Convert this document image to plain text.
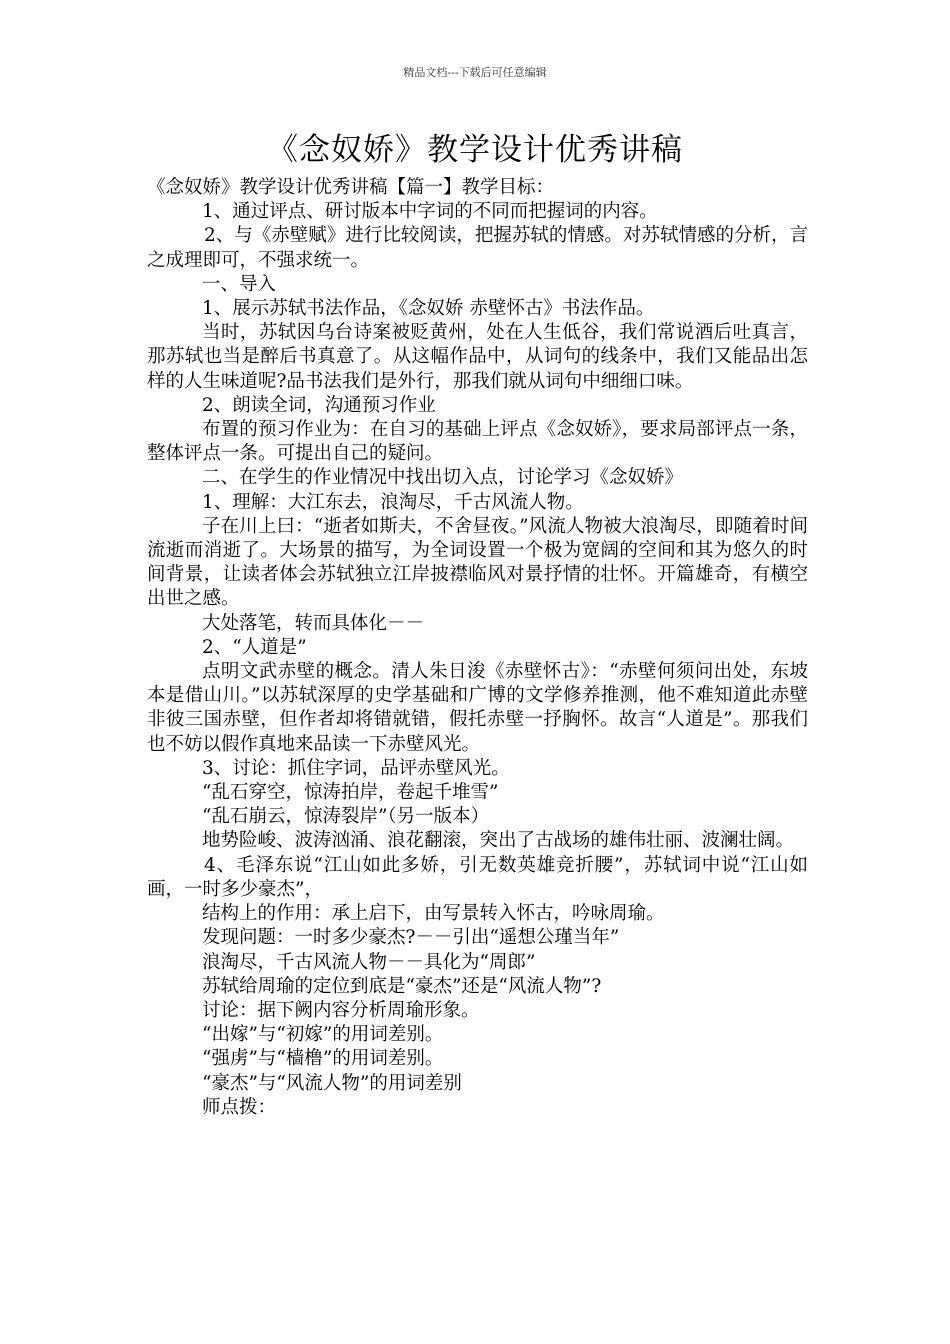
精品文档---下载后可任意编辑
《念奴娇》教学设计优秀讲稿

《念奴娇》教学设计优秀讲稿【篇一】教学目标：

1、通过评点、研讨版本中字词的不同而把握词的内容。

2、与《赤壁赋》进行比较阅读，把握苏轼的情感。对苏轼情感的分析，言之成理即可，不强求统一。

一、导入

1、展示苏轼书法作品，《念奴娇 赤壁怀古》书法作品。

当时，苏轼因乌台诗案被贬黄州，处在人生低谷，我们常说酒后吐真言，那苏轼也当是醉后书真意了。从这幅作品中，从词句的线条中，我们又能品出怎样的人生味道呢?品书法我们是外行，那我们就从词句中细细口味。

2、朗读全词，沟通预习作业

布置的预习作业为：在自习的基础上评点《念奴娇》，要求局部评点一条，整体评点一条。可提出自己的疑问。

二、在学生的作业情况中找出切入点，讨论学习《念奴娇》

1、理解：大江东去，浪淘尽，千古风流人物。

子在川上曰：“逝者如斯夫，不舍昼夜。”风流人物被大浪淘尽，即随着时间流逝而消逝了。大场景的描写，为全词设置一个极为宽阔的空间和其为悠久的时间背景，让读者体会苏轼独立江岸披襟临风对景抒情的壮怀。开篇雄奇，有横空出世之感。

大处落笔，转而具体化－－

2、“人道是”

点明文武赤壁的概念。清人朱日浚《赤壁怀古》：“赤壁何须问出处，东坡本是借山川。”以苏轼深厚的史学基础和广博的文学修养推测，他不难知道此赤壁非彼三国赤壁，但作者却将错就错，假托赤壁一抒胸怀。故言“人道是”。那我们也不妨以假作真地来品读一下赤壁风光。

3、讨论：抓住字词，品评赤壁风光。

“乱石穿空，惊涛拍岸，卷起千堆雪”

“乱石崩云，惊涛裂岸”（另一版本）

地势险峻、波涛汹涌、浪花翻滚，突出了古战场的雄伟壮丽、波澜壮阔。

4、毛泽东说“江山如此多娇，引无数英雄竞折腰”，苏轼词中说“江山如画，一时多少豪杰”，

结构上的作用：承上启下，由写景转入怀古，吟咏周瑜。

发现问题：一时多少豪杰?－－引出“遥想公瑾当年”

浪淘尽，千古风流人物－－具化为“周郎”

苏轼给周瑜的定位到底是“豪杰”还是“风流人物”?

讨论：据下阙内容分析周瑜形象。

“出嫁”与“初嫁”的用词差别。

“强虏”与“樯橹”的用词差别。

“豪杰”与“风流人物”的用词差别

师点拨：
